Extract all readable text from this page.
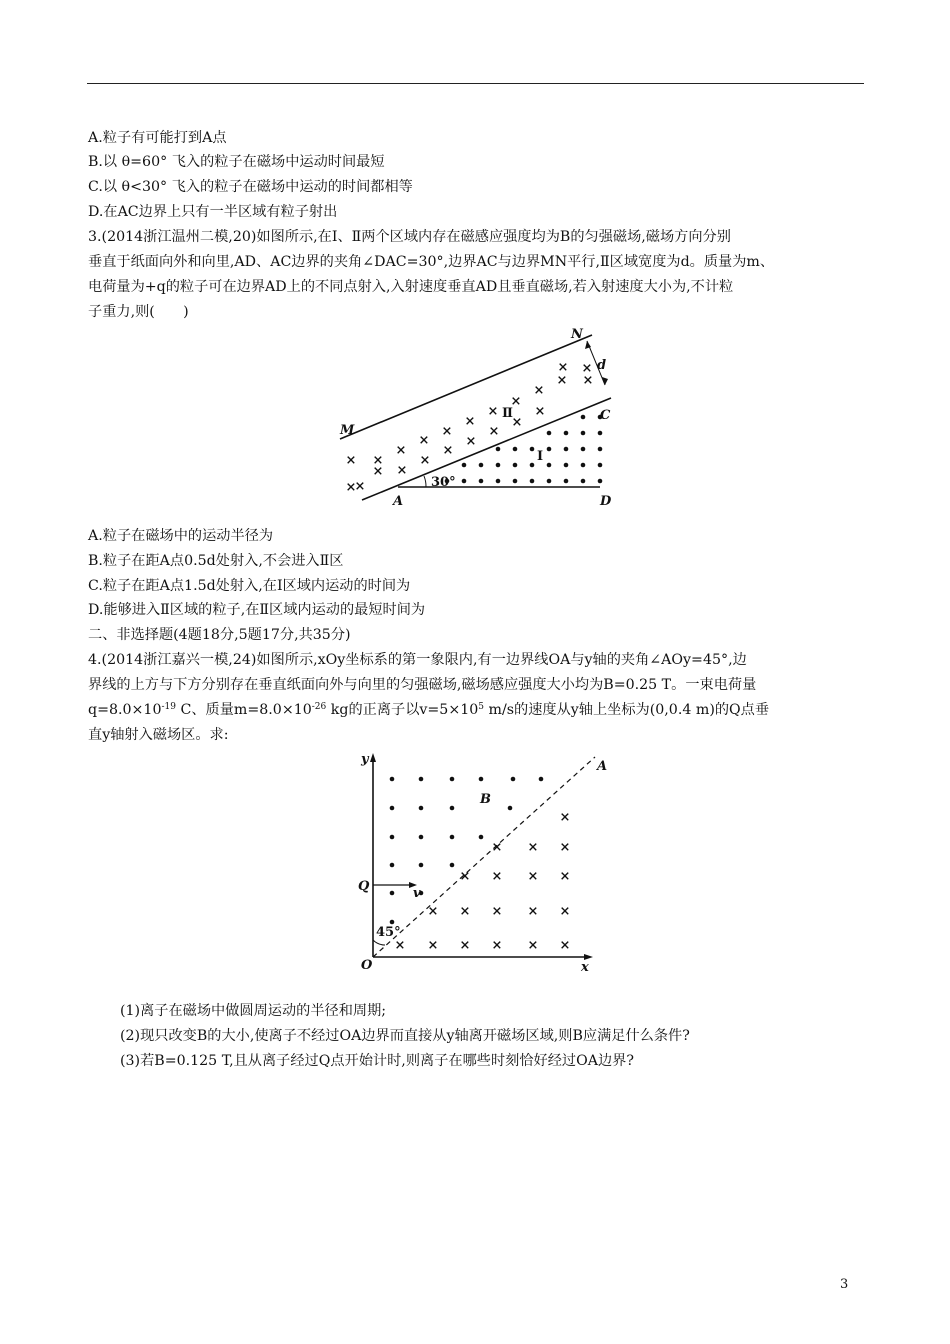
A.粒子有可能打到A点
B.以 θ=60° 飞入的粒子在磁场中运动时间最短
C.以 θ<30° 飞入的粒子在磁场中运动的时间都相等
D.在AC边界上只有一半区域有粒子射出
3.(2014浙江温州二模,20)如图所示,在Ⅰ、Ⅱ两个区域内存在磁感应强度均为B的匀强磁场,磁场方向分别
垂直于纸面向外和向里,AD、AC边界的夹角∠DAC=30°,边界AC与边界MN平行,Ⅱ区域宽度为d。质量为m、
电荷量为+q的粒子可在边界AD上的不同点射入,入射速度垂直AD且垂直磁场,若入射速度大小为,不计粒
子重力,则(　　)
× ×
×
×
×
×
×
×
×
×
×
×
×
×
×
×
×
×
×
×
×
×
×
N
d
M
Ⅱ	C
Ⅰ
30°
A	D
A.粒子在磁场中的运动半径为
B.粒子在距A点0.5d处射入,不会进入Ⅱ区
C.粒子在距A点1.5d处射入,在Ⅰ区域内运动的时间为
D.能够进入Ⅱ区域的粒子,在Ⅱ区域内运动的最短时间为
二、非选择题(4题18分,5题17分,共35分)
4.(2014浙江嘉兴一模,24)如图所示,xOy坐标系的第一象限内,有一边界线OA与y轴的夹角∠AOy=45°,边
界线的上方与下方分别存在垂直纸面向外与向里的匀强磁场,磁场感应强度大小均为B=0.25 T。一束电荷量
$q=8.0\times 10^{-19}$ C、质量$m=8.0\times 10^{-26}$ kg的正离子以$v=5\times 10^5$ m/s的速度从y轴上坐标为(0,0.4 m)的Q点垂
直y轴射入磁场区。求:
×
× × ×
× × × ×
× × × × ×
× × × × × ×
y	A
B
Q	v
45°
O	x
(1)离子在磁场中做圆周运动的半径和周期;
(2)现只改变B的大小,使离子不经过OA边界而直接从y轴离开磁场区域,则B应满足什么条件?
(3)若B=0.125 T,且从离子经过Q点开始计时,则离子在哪些时刻恰好经过OA边界?
3
